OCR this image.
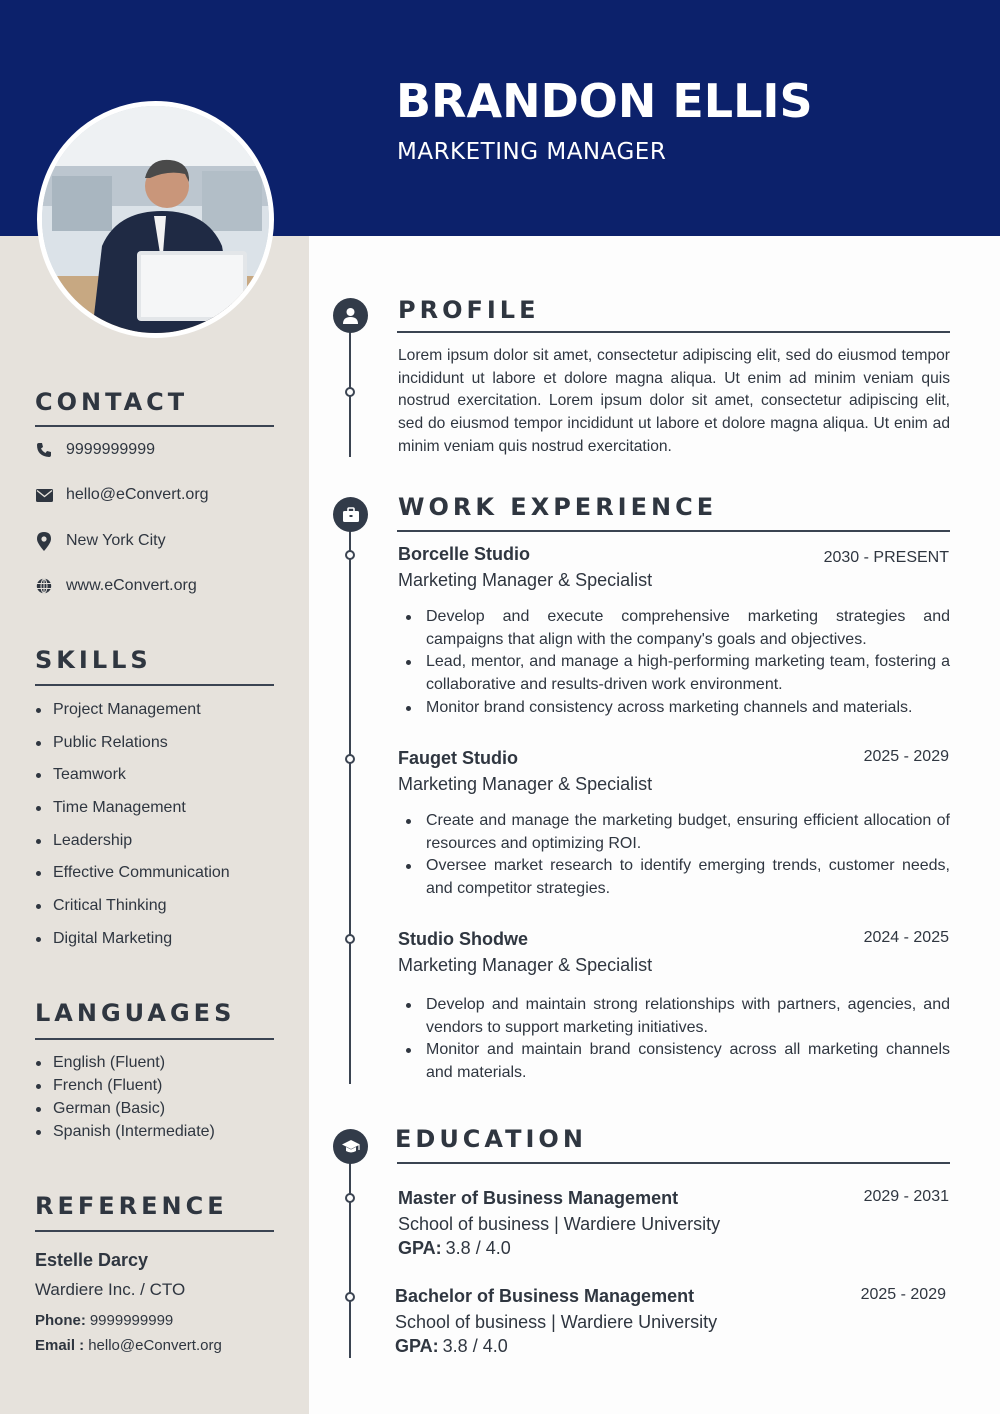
BRANDON ELLIS
MARKETING MANAGER
CONTACT
9999999999
hello@eConvert.org
New York City
www.eConvert.org
SKILLS
Project Management
Public Relations
Teamwork
Time Management
Leadership
Effective Communication
Critical Thinking
Digital Marketing
LANGUAGES
English (Fluent)
French (Fluent)
German (Basic)
Spanish (Intermediate)
REFERENCE
Estelle Darcy
Wardiere Inc. / CTO
Phone: 9999999999
Email : hello@eConvert.org
PROFILE
Lorem ipsum dolor sit amet, consectetur adipiscing elit, sed do eiusmod tempor incididunt ut labore et dolore magna aliqua. Ut enim ad minim veniam quis nostrud exercitation. Lorem ipsum dolor sit amet, consectetur adipiscing elit, sed do eiusmod tempor incididunt ut labore et dolore magna aliqua. Ut enim ad minim veniam quis nostrud exercitation.
WORK EXPERIENCE
Borcelle Studio	2030 - PRESENT
Marketing Manager & Specialist
Develop and execute comprehensive marketing strategies and campaigns that align with the company's goals and objectives.
Lead, mentor, and manage a high-performing marketing team, fostering a collaborative and results-driven work environment.
Monitor brand consistency across marketing channels and materials.
Fauget Studio	2025 - 2029
Marketing Manager & Specialist
Create and manage the marketing budget, ensuring efficient allocation of resources and optimizing ROI.
Oversee market research to identify emerging trends, customer needs, and competitor strategies.
Studio Shodwe	2024 - 2025
Marketing Manager & Specialist
Develop and maintain strong relationships with partners, agencies, and vendors to support marketing initiatives.
Monitor and maintain brand consistency across all marketing channels and materials.
EDUCATION
Master of Business Management	2029 - 2031
School of business | Wardiere University
GPA: 3.8 / 4.0
Bachelor of Business Management	2025 - 2029
School of business | Wardiere University
GPA: 3.8 / 4.0
